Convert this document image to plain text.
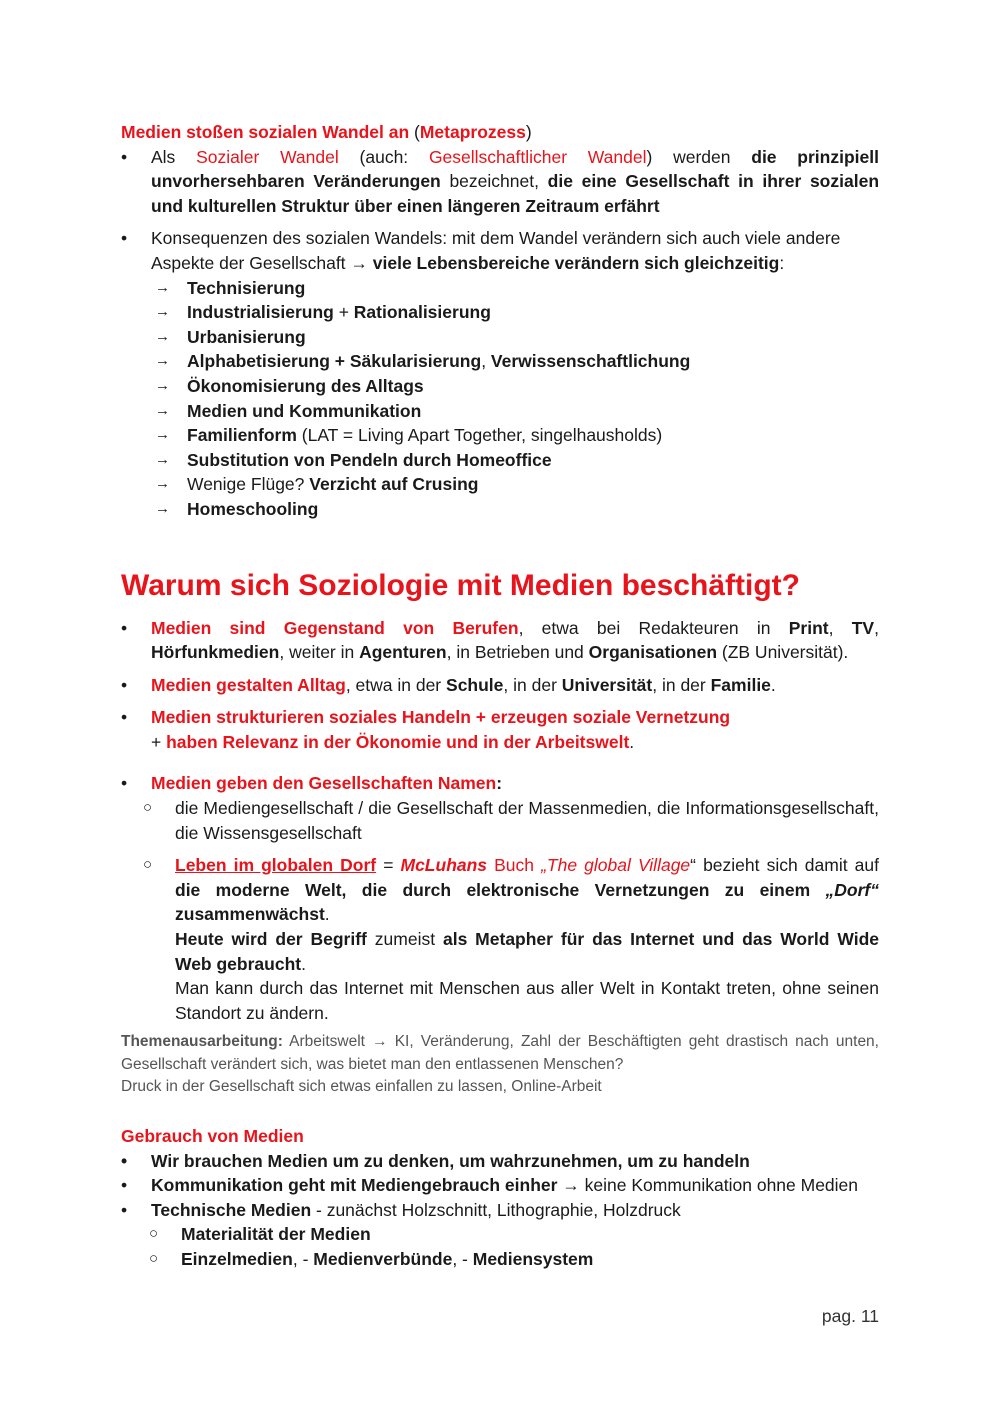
Medien stoßen sozialen Wandel an (Metaprozess)

• Als Sozialer Wandel (auch: Gesellschaftlicher Wandel) werden die prinzipiell unvorhersehbaren Veränderungen bezeichnet, die eine Gesellschaft in ihrer sozialen und kulturellen Struktur über einen längeren Zeitraum erfährt

• Konsequenzen des sozialen Wandels: mit dem Wandel verändern sich auch viele andere Aspekte der Gesellschaft → viele Lebensbereiche verändern sich gleichzeitig:

→ Technisierung

→ Industrialisierung + Rationalisierung

→ Urbanisierung

→ Alphabetisierung + Säkularisierung, Verwissenschaftlichung

→ Ökonomisierung des Alltags

→ Medien und Kommunikation

→ Familienform (LAT = Living Apart Together, singelhausholds)

→ Substitution von Pendeln durch Homeoffice

→ Wenige Flüge? Verzicht auf Crusing

→ Homeschooling

Warum sich Soziologie mit Medien beschäftigt?

• Medien sind Gegenstand von Berufen, etwa bei Redakteuren in Print, TV, Hörfunkmedien, weiter in Agenturen, in Betrieben und Organisationen (ZB Universität).

• Medien gestalten Alltag, etwa in der Schule, in der Universität, in der Familie.

• Medien strukturieren soziales Handeln + erzeugen soziale Vernetzung
+ haben Relevanz in der Ökonomie und in der Arbeitswelt.

• Medien geben den Gesellschaften Namen:

○ die Mediengesellschaft / die Gesellschaft der Massenmedien, die Informationsgesellschaft, die Wissensgesellschaft

○ Leben im globalen Dorf = McLuhans Buch „The global Village“ bezieht sich damit auf die moderne Welt, die durch elektronische Vernetzungen zu einem „Dorf“ zusammenwächst.
Heute wird der Begriff zumeist als Metapher für das Internet und das World Wide Web gebraucht.
Man kann durch das Internet mit Menschen aus aller Welt in Kontakt treten, ohne seinen Standort zu ändern.

Themenausarbeitung: Arbeitswelt → KI, Veränderung, Zahl der Beschäftigten geht drastisch nach unten, Gesellschaft verändert sich, was bietet man den entlassenen Menschen?
Druck in der Gesellschaft sich etwas einfallen zu lassen, Online-Arbeit

Gebrauch von Medien

• Wir brauchen Medien um zu denken, um wahrzunehmen, um zu handeln

• Kommunikation geht mit Mediengebrauch einher → keine Kommunikation ohne Medien

• Technische Medien - zunächst Holzschnitt, Lithographie, Holzdruck

○ Materialität der Medien

○ Einzelmedien, - Medienverbünde, - Mediensystem

pag. 11
